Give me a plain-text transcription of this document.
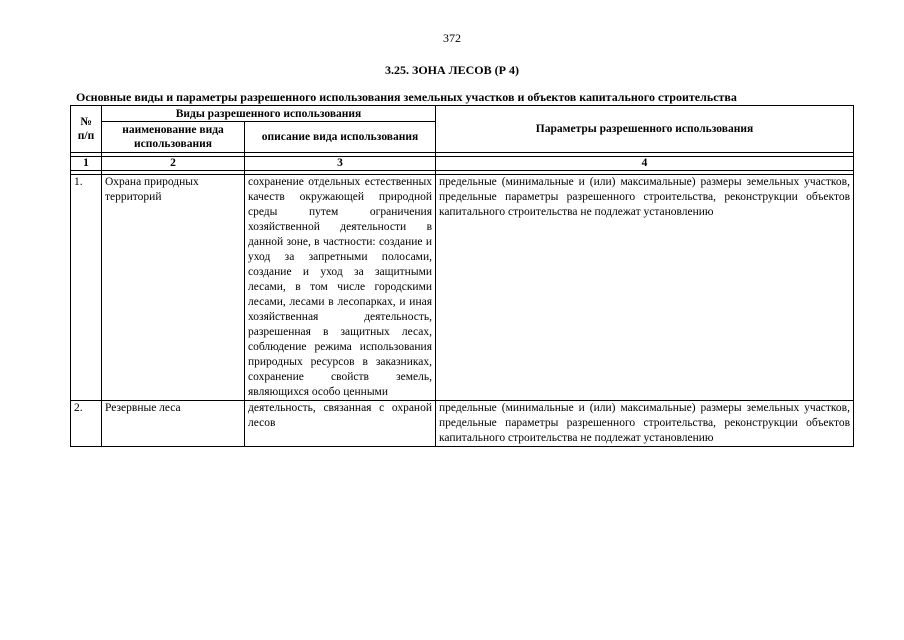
372
3.25. ЗОНА ЛЕСОВ (Р 4)
Основные виды и параметры разрешенного использования земельных участков и объектов капитального строительства
№ п/п	Виды разрешенного использования		Параметры разрешенного использования
	наименование вида использования	описание вида использования	

1	2	3	4

1.	Охрана природных территорий	сохранение отдельных естественных качеств окружающей природной среды путем ограничения хозяйственной деятельности в данной зоне, в частности: создание и уход за запретными полосами, создание и уход за защитными лесами, в том числе городскими лесами, лесами в лесопарках, и иная хозяйственная деятельность, разрешенная в защитных лесах, соблюдение режима использования природных ресурсов в заказниках, сохранение свойств земель, являющихся особо ценными	предельные (минимальные и (или) максимальные) размеры земельных участков, предельные параметры разрешенного строительства, реконструкции объектов капитального строительства не подлежат установлению
2.	Резервные леса	деятельность, связанная с охраной лесов	предельные (минимальные и (или) максимальные) размеры земельных участков, предельные параметры разрешенного строительства, реконструкции объектов капитального строительства не подлежат установлению
